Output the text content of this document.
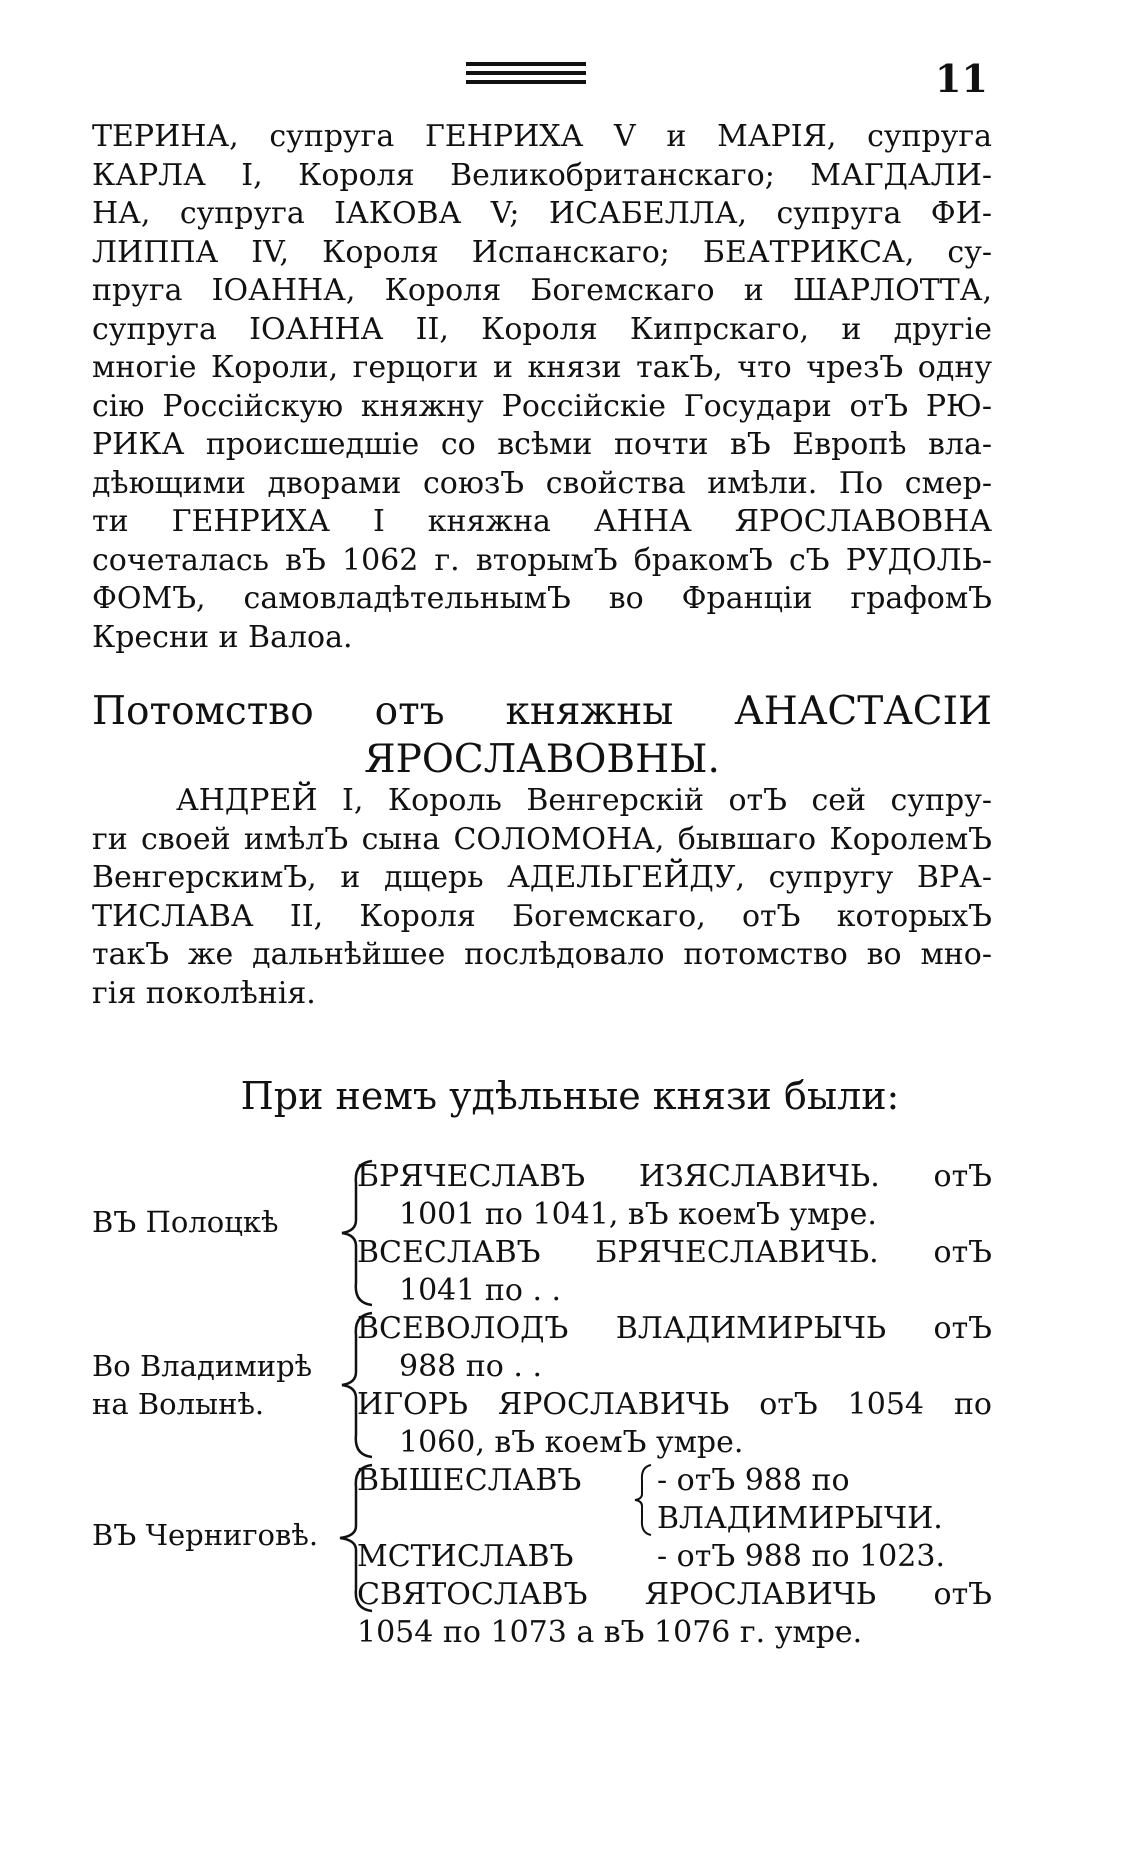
11

ТЕРИНА, супруга ГЕНРИХА V и МАРІЯ, супруга

КАРЛА I, Короля Великобританскаго; МАГДАЛИ-

НА, супруга ІАКОВА V; ИСАБЕЛЛА, супруга ФИ-

ЛИППА IV, Короля Испанскаго; БЕАТРИКСА, су-

пруга ІОАННА, Короля Богемскаго и ШАРЛОТТА,

супруга ІОАННА II, Короля Кипрскаго, и другіе

многіе Короли, герцоги и князи такЪ, что чрезЪ одну

сію Россійскую княжну Россійскіе Государи отЪ РЮ-

РИКА происшедшіе со всѣми почти вЪ Европѣ вла-

дѣющими дворами союзЪ свойства имѣли. По смер-

ти ГЕНРИХА I княжна АННА ЯРОСЛАВОВНА

сочеталась вЪ 1062 г. вторымЪ бракомЪ сЪ РУДОЛЬ-

ФОМЪ, самовладѣтельнымЪ во Франціи графомЪ

Кресни и Валоа.

Потомство отъ княжны АНАСТАСІИ
ЯРОСЛАВОВНЫ.

АНДРЕЙ I, Король Венгерскій отЪ сей супру-

ги своей имѣлЪ сына СОЛОМОНА, бывшаго КоролемЪ

ВенгерскимЪ, и дщерь АДЕЛЬГЕЙДУ, супругу ВРА-

ТИСЛАВА II, Короля Богемскаго, отЪ которыхЪ

такЪ же дальнѣйшее послѣдовало потомство во мно-

гія поколѣнія.

При немъ удѣльные князи были:
ВЪ Полоцкѣ
БРЯЧЕСЛАВЪ ИЗЯСЛАВИЧЬ. отЪ
1001 по 1041, вЪ коемЪ умре.
ВСЕСЛАВЪ БРЯЧЕСЛАВИЧЬ. отЪ
1041 по . .
Во Владимирѣ
на Волынѣ.
ВСЕВОЛОДЪ ВЛАДИМИРЫЧЬ отЪ
988 по . .
ИГОРЬ ЯРОСЛАВИЧЬ отЪ 1054 по
1060, вЪ коемЪ умре.
ВЪ Черниговѣ.
ВЫШЕСЛАВЪ	- отЪ 988 по
ВЛАДИМИРЫЧИ.
МСТИСЛАВЪ	- отЪ 988 по 1023.
СВЯТОСЛАВЪ ЯРОСЛАВИЧЬ отЪ
1054 по 1073 а вЪ 1076 г. умре.
